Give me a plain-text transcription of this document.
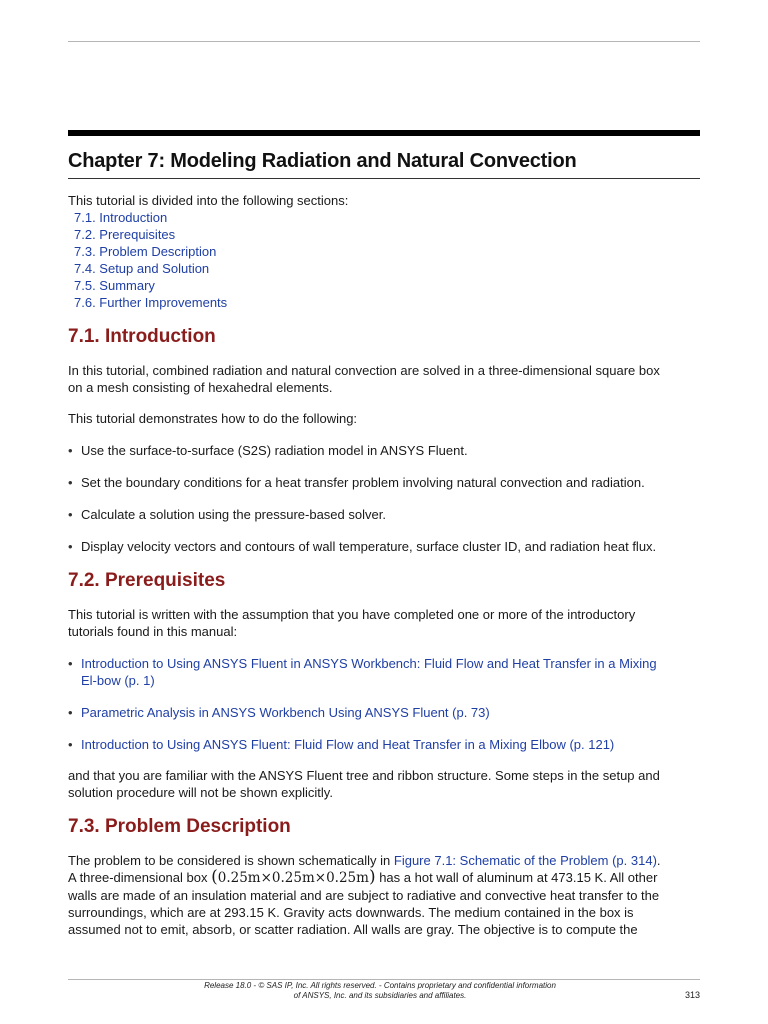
Chapter 7: Modeling Radiation and Natural Convection

This tutorial is divided into the following sections:

7.1. Introduction
7.2. Prerequisites
7.3. Problem Description
7.4. Setup and Solution
7.5. Summary
7.6. Further Improvements
7.1. Introduction

In this tutorial, combined radiation and natural convection are solved in a three-dimensional square box on a mesh consisting of hexahedral elements.

This tutorial demonstrates how to do the following:

• Use the surface-to-surface (S2S) radiation model in ANSYS Fluent.
• Set the boundary conditions for a heat transfer problem involving natural convection and radiation.
• Calculate a solution using the pressure-based solver.
• Display velocity vectors and contours of wall temperature, surface cluster ID, and radiation heat flux.
7.2. Prerequisites

This tutorial is written with the assumption that you have completed one or more of the introductory tutorials found in this manual:

• Introduction to Using ANSYS Fluent in ANSYS Workbench: Fluid Flow and Heat Transfer in a Mixing El-bow (p. 1)
• Parametric Analysis in ANSYS Workbench Using ANSYS Fluent (p. 73)
• Introduction to Using ANSYS Fluent: Fluid Flow and Heat Transfer in a Mixing Elbow (p. 121)

and that you are familiar with the ANSYS Fluent tree and ribbon structure. Some steps in the setup and solution procedure will not be shown explicitly.

7.3. Problem Description

The problem to be considered is shown schematically in Figure 7.1: Schematic of the Problem (p. 314).
A three-dimensional box (0.25m×0.25m×0.25m) has a hot wall of aluminum at 473.15 K. All other walls are made of an insulation material and are subject to radiative and convective heat transfer to the surroundings, which are at 293.15 K. Gravity acts downwards. The medium contained in the box is assumed not to emit, absorb, or scatter radiation. All walls are gray. The objective is to compute the

Release 18.0 - © SAS IP, Inc. All rights reserved. - Contains proprietary and confidential information
of ANSYS, Inc. and its subsidiaries and affiliates.	313
